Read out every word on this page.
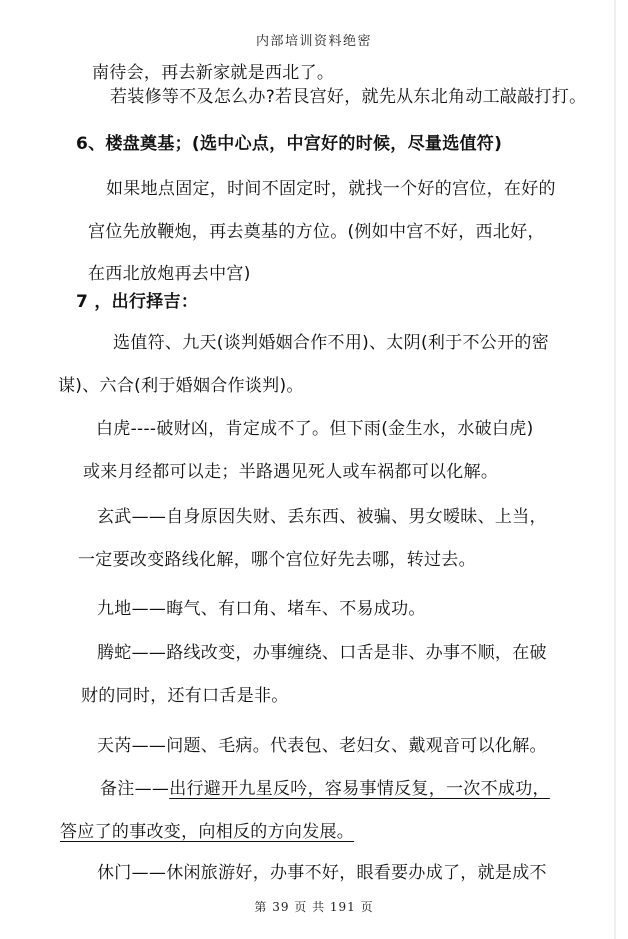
内部培训资料绝密
南待会，再去新家就是西北了。
若装修等不及怎么办?若艮宫好，就先从东北角动工敲敲打打。
6、楼盘奠基；(选中心点，中宫好的时候，尽量选值符)
如果地点固定，时间不固定时，就找一个好的宫位，在好的
宫位先放鞭炮，再去奠基的方位。(例如中宫不好，西北好，
在西北放炮再去中宫)
7 ，出行择吉：
选值符、九天(谈判婚姻合作不用)、太阴(利于不公开的密
谋)、六合(利于婚姻合作谈判)。
白虎----破财凶，肯定成不了。但下雨(金生水，水破白虎)
或来月经都可以走；半路遇见死人或车祸都可以化解。
玄武——自身原因失财、丢东西、被骗、男女暧昧、上当，
一定要改变路线化解，哪个宫位好先去哪，转过去。
九地——晦气、有口角、堵车、不易成功。
腾蛇——路线改变，办事缠绕、口舌是非、办事不顺，在破
财的同时，还有口舌是非。
天芮——问题、毛病。代表包、老妇女、戴观音可以化解。
备注——出行避开九星反吟，容易事情反复，一次不成功，
答应了的事改变，向相反的方向发展。
休门——休闲旅游好，办事不好，眼看要办成了，就是成不
第 39 页 共 191 页
